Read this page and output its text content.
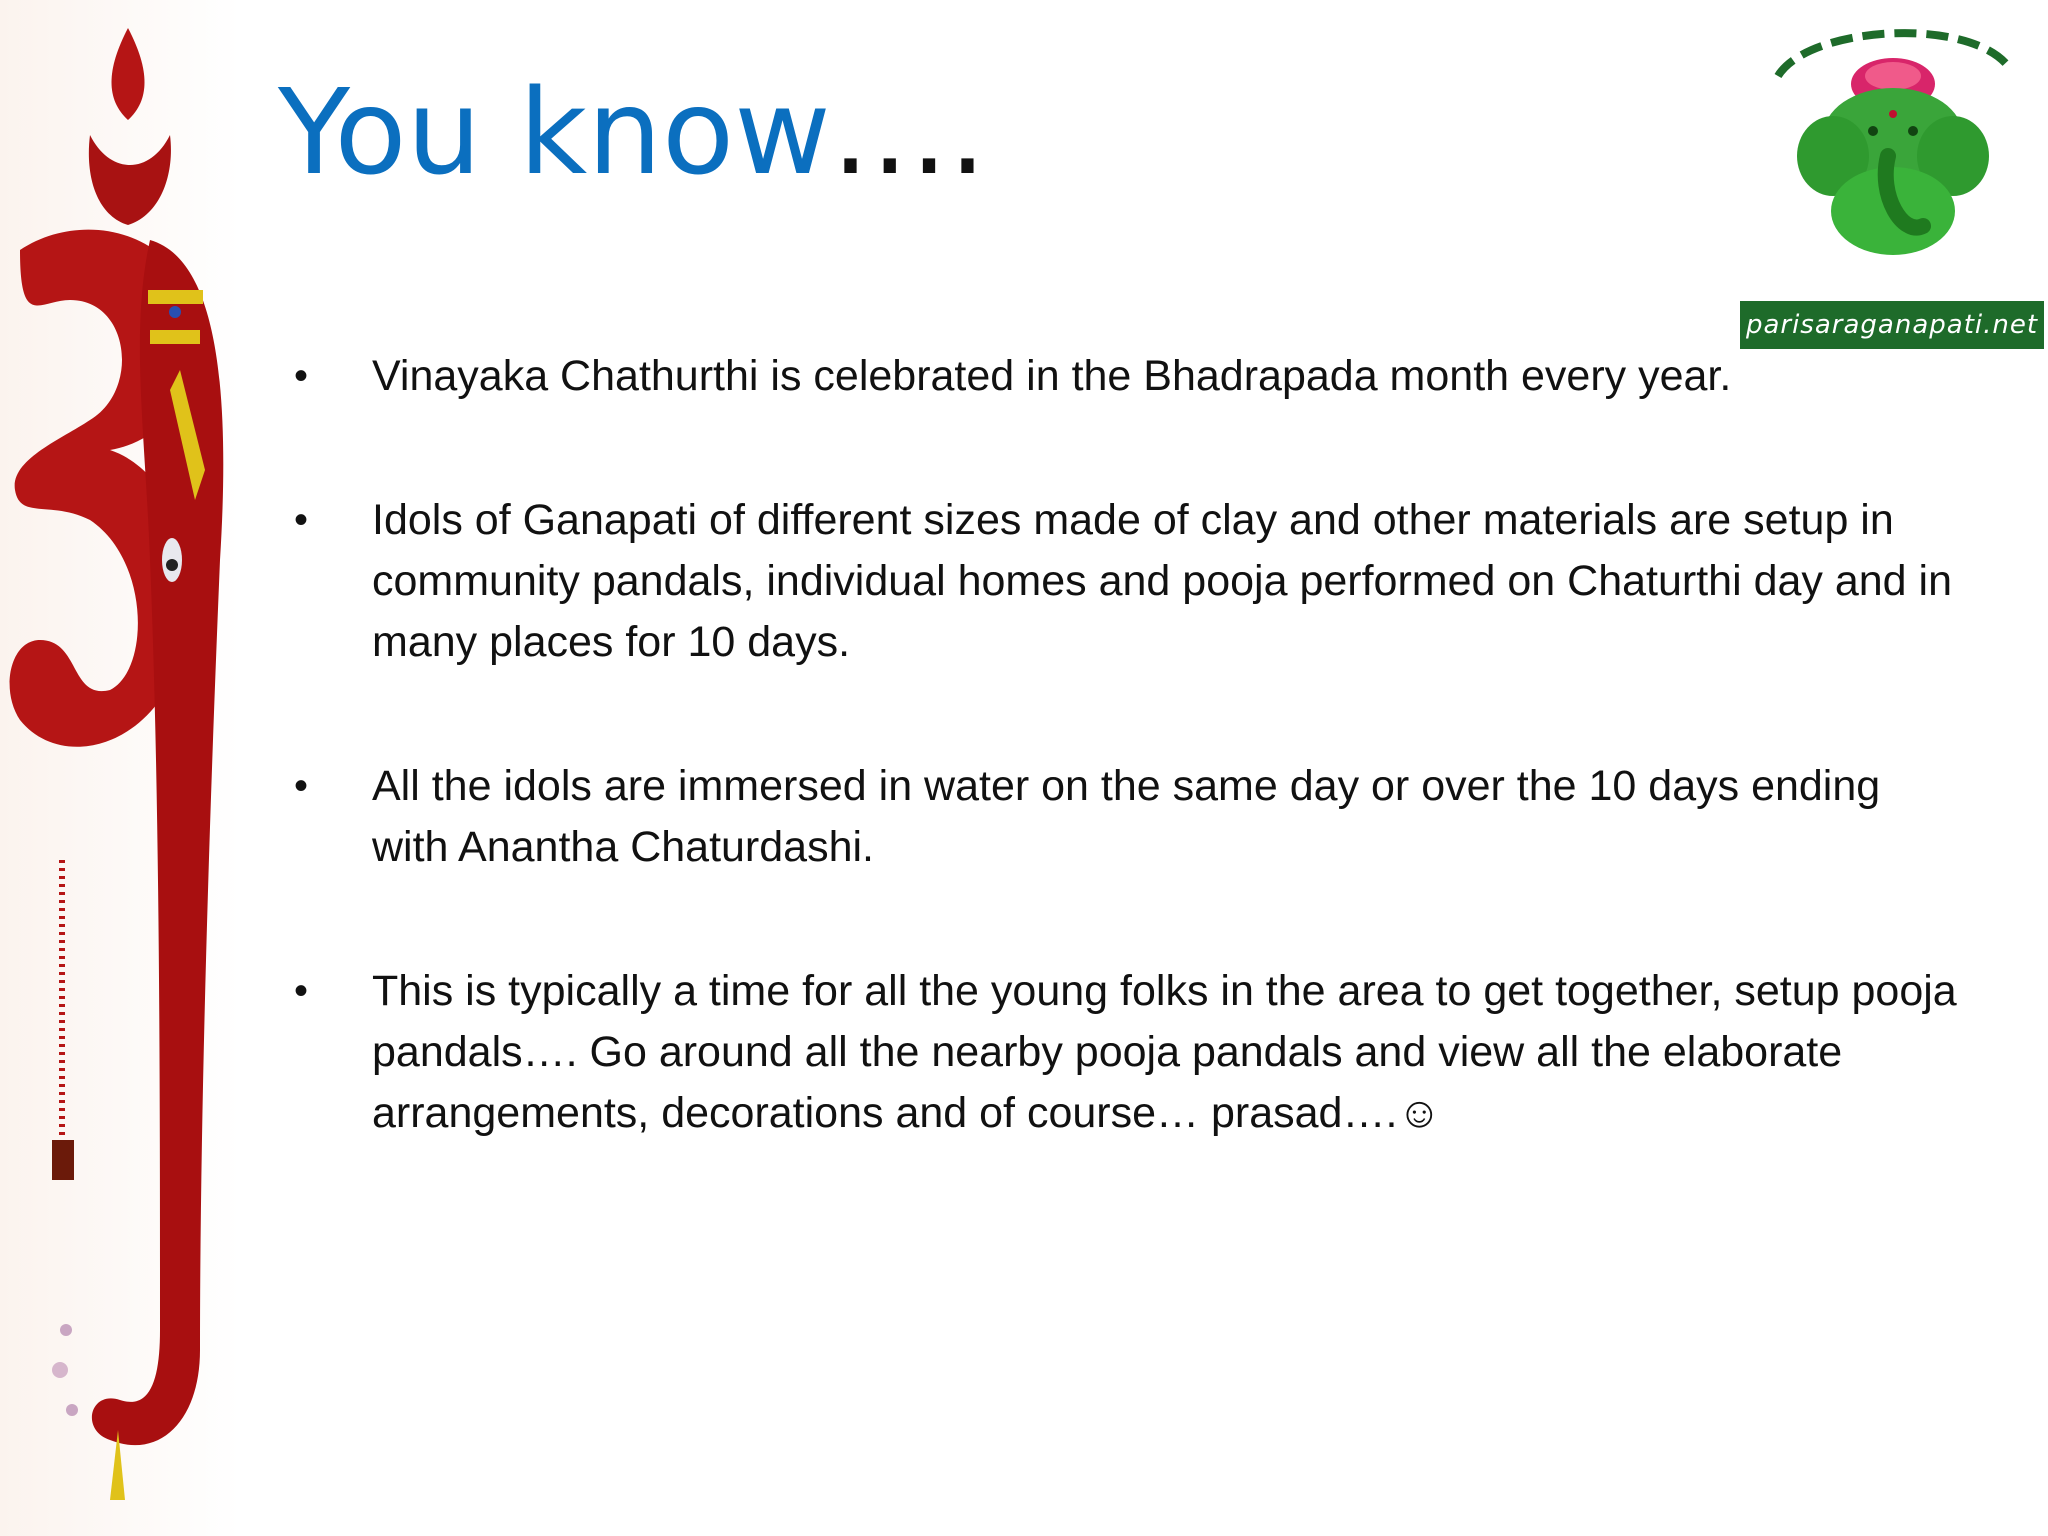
You know….
parisaraganapati.net
• Vinayaka Chathurthi is celebrated in the Bhadrapada month every year.
• Idols of Ganapati of different sizes made of clay and other materials are setup in community pandals, individual homes and pooja performed on Chaturthi day and in many places for 10 days.
• All the idols are immersed in water on the same day or over the 10 days ending with Anantha Chaturdashi.
• This is typically a time for all the young folks in the area to get together, setup pooja pandals…. Go around all the nearby pooja pandals and view all the elaborate arrangements, decorations and of course… prasad….☺
